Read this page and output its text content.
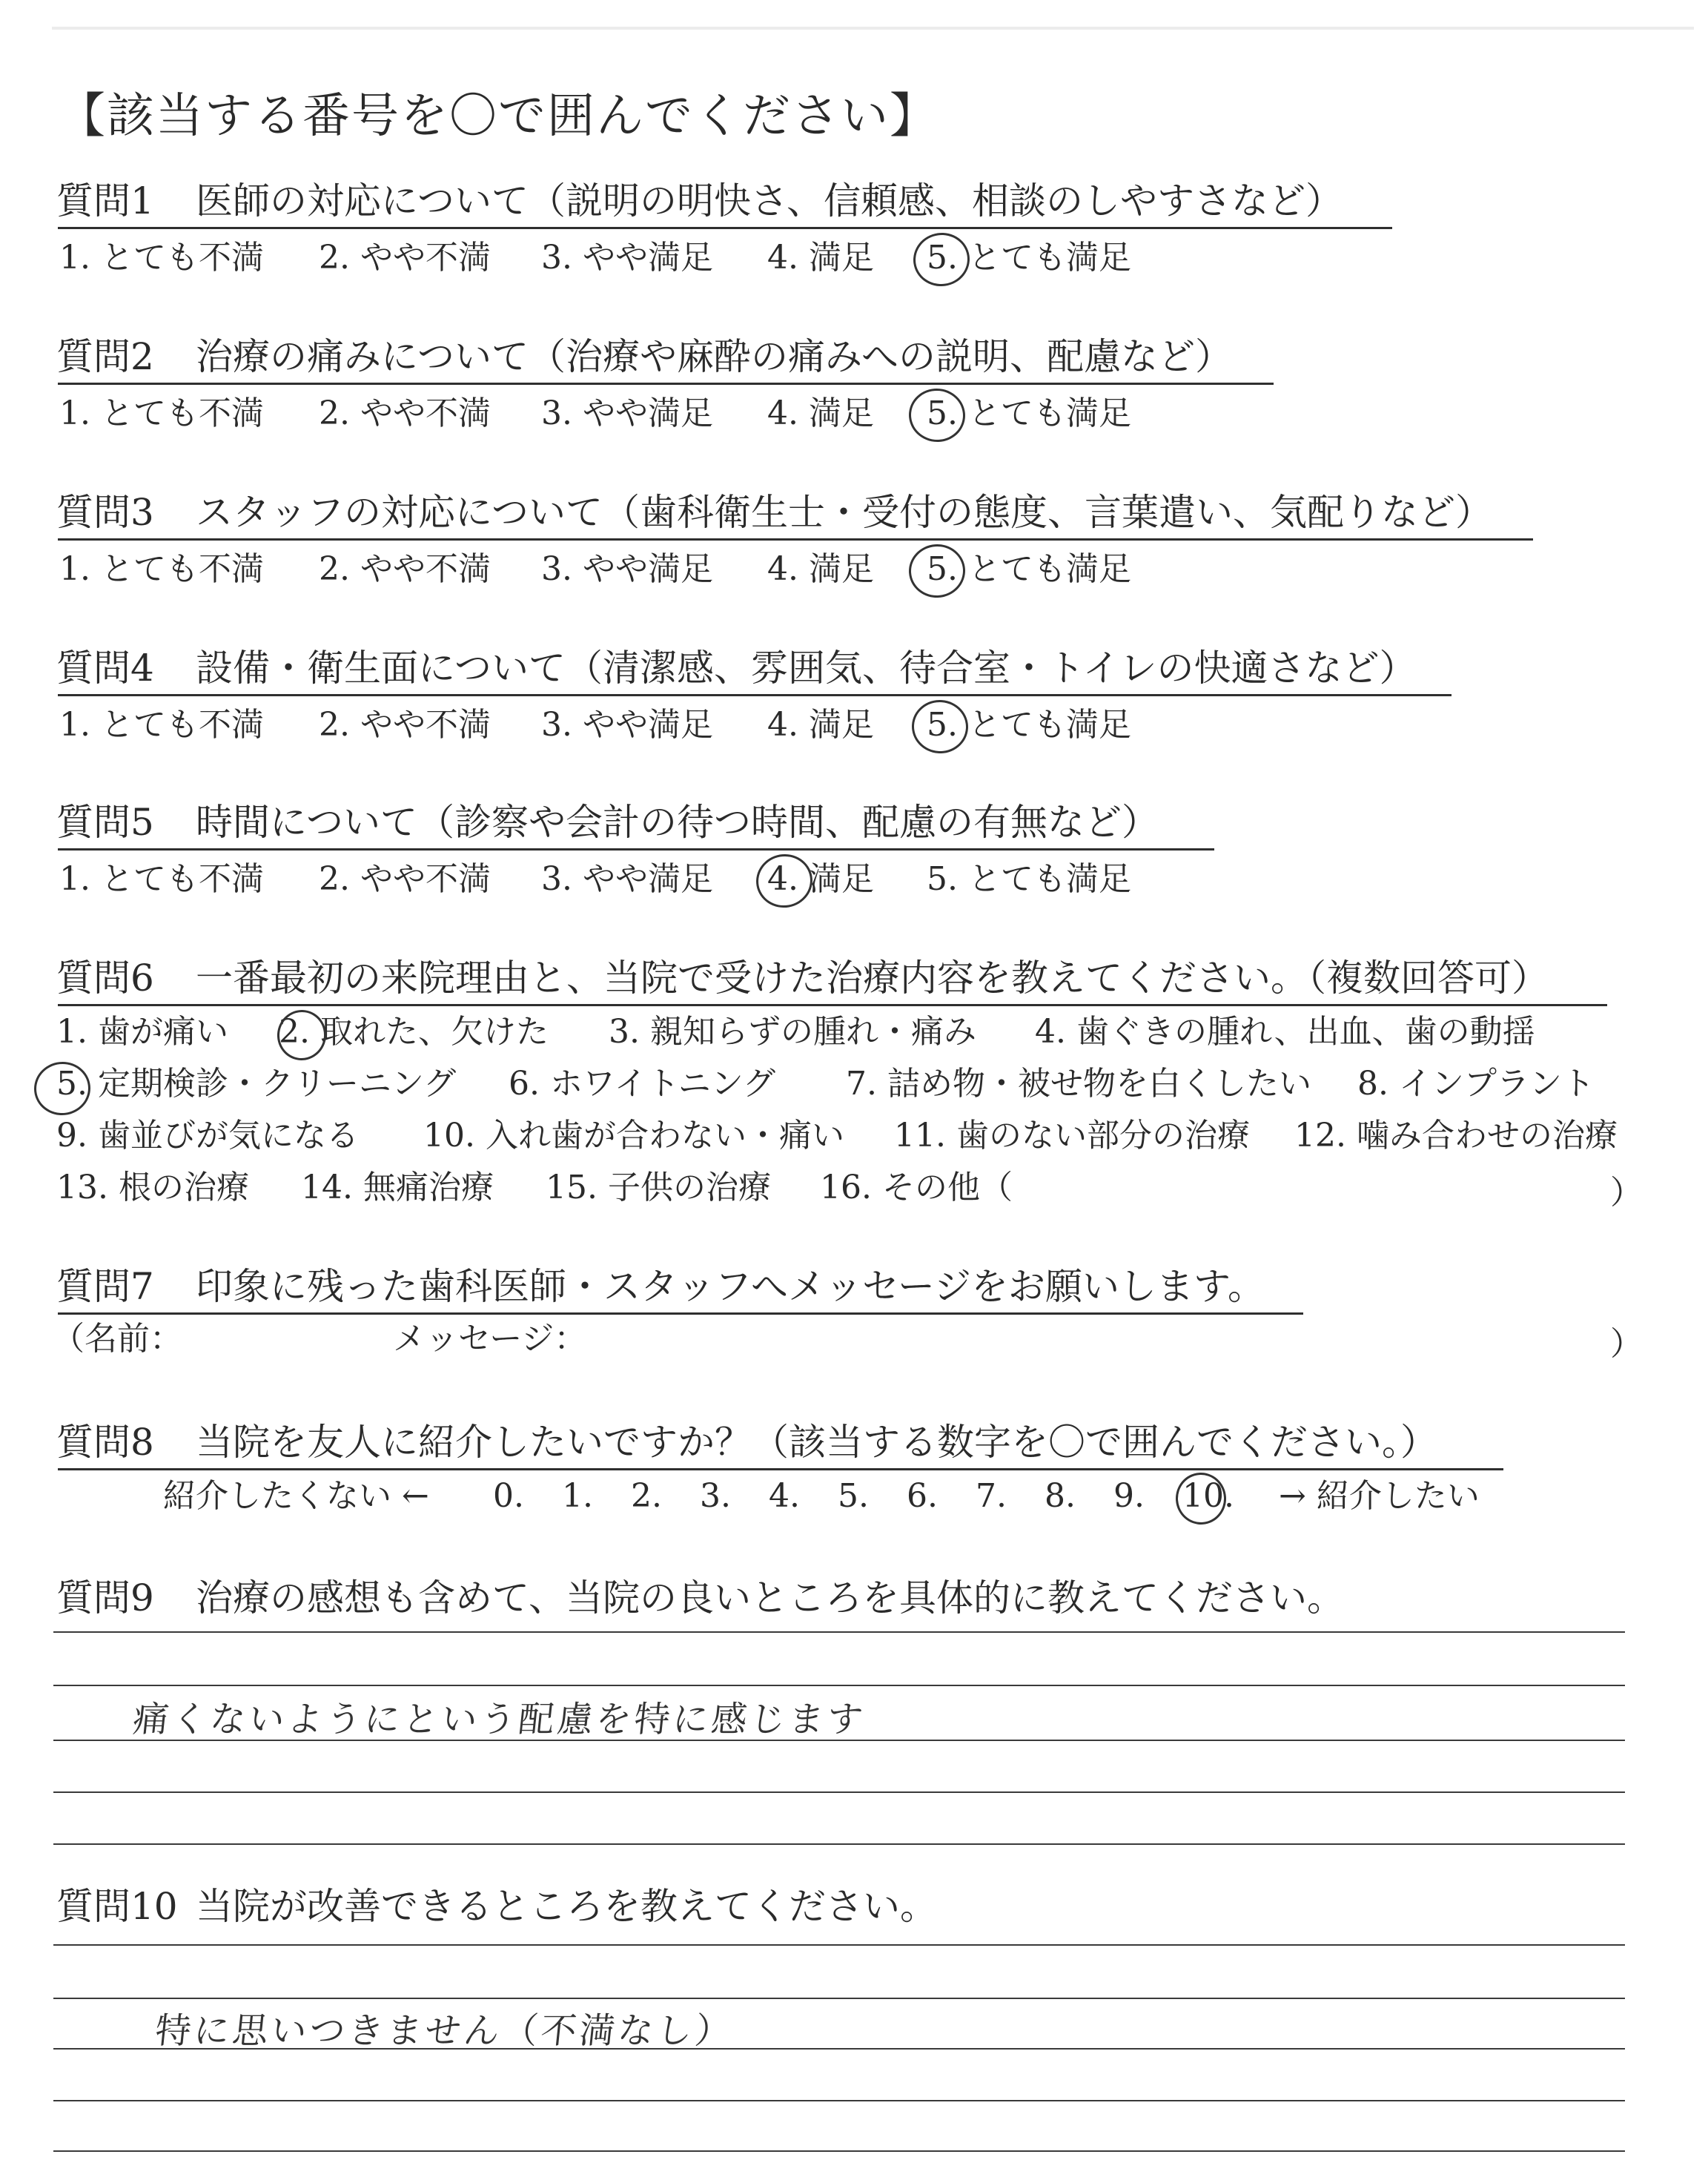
【該当する番号を〇で囲んでください】
質問1 医師の対応について（説明の明快さ、信頼感、相談のしやすさなど）
1. とても不満 2. やや不満 3. やや満足 4. 満足 5. とても満足
質問2 治療の痛みについて（治療や麻酔の痛みへの説明、配慮など）
1. とても不満 2. やや不満 3. やや満足 4. 満足 5. とても満足
質問3 スタッフの対応について（歯科衛生士・受付の態度、言葉遣い、気配りなど）
1. とても不満 2. やや不満 3. やや満足 4. 満足 5. とても満足
質問4 設備・衛生面について（清潔感、雰囲気、待合室・トイレの快適さなど）
1. とても不満 2. やや不満 3. やや満足 4. 満足 5. とても満足
質問5 時間について（診察や会計の待つ時間、配慮の有無など）
1. とても不満 2. やや不満 3. やや満足 4. 満足 5. とても満足
質問6 一番最初の来院理由と、当院で受けた治療内容を教えてください。（複数回答可）
1. 歯が痛い 2. 取れた、欠けた 3. 親知らずの腫れ・痛み 4. 歯ぐきの腫れ、出血、歯の動揺
5. 定期検診・クリーニング 6. ホワイトニング 7. 詰め物・被せ物を白くしたい 8. インプラント
9. 歯並びが気になる 10. 入れ歯が合わない・痛い 11. 歯のない部分の治療 12. 噛み合わせの治療
13. 根の治療 14. 無痛治療 15. 子供の治療 16. その他（	）
質問7 印象に残った歯科医師・スタッフへメッセージをお願いします。
（名前：	メッセージ：	）
質問8 当院を友人に紹介したいですか？（該当する数字を〇で囲んでください。）
紹介したくない ← 0. 1. 2. 3. 4. 5. 6. 7. 8. 9. 10. → 紹介したい
質問9 治療の感想も含めて、当院の良いところを具体的に教えてください。
痛くないようにという配慮を特に感じます
質問10 当院が改善できるところを教えてください。
特に思いつきません（不満なし）
